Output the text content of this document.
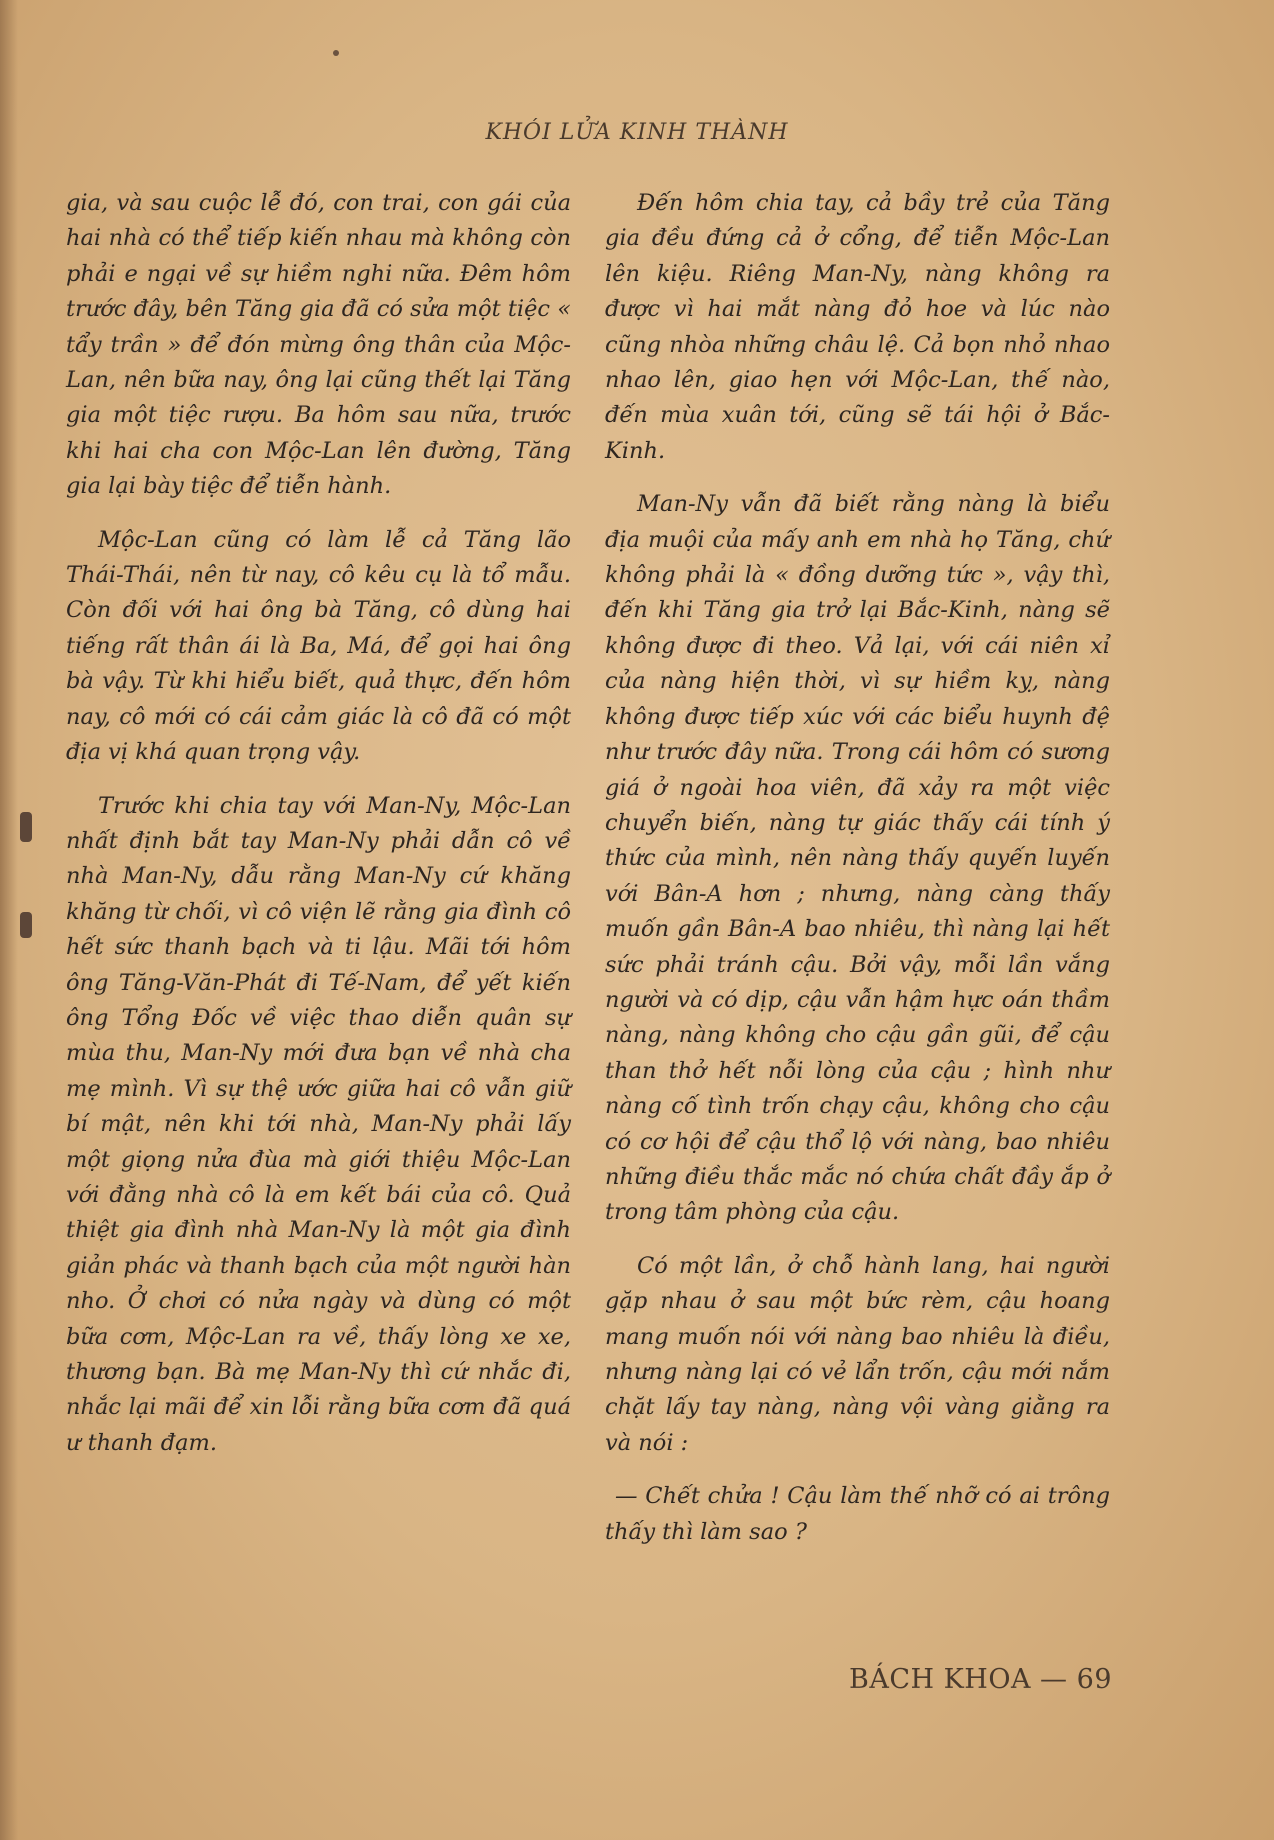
KHÓI LỬA KINH THÀNH

gia, và sau cuộc lễ đó, con trai, con gái của hai nhà có thể tiếp kiến nhau mà không còn phải e ngại về sự hiềm nghi nữa. Đêm hôm trước đây, bên Tăng gia đã có sửa một tiệc « tẩy trần » để đón mừng ông thân của Mộc-Lan, nên bữa nay, ông lại cũng thết lại Tăng gia một tiệc rượu. Ba hôm sau nữa, trước khi hai cha con Mộc-Lan lên đường, Tăng gia lại bày tiệc để tiễn hành.

Mộc-Lan cũng có làm lễ cả Tăng lão Thái-Thái, nên từ nay, cô kêu cụ là tổ mẫu. Còn đối với hai ông bà Tăng, cô dùng hai tiếng rất thân ái là Ba, Má, để gọi hai ông bà vậy. Từ khi hiểu biết, quả thực, đến hôm nay, cô mới có cái cảm giác là cô đã có một địa vị khá quan trọng vậy.

Trước khi chia tay với Man-Ny, Mộc-Lan nhất định bắt tay Man-Ny phải dẫn cô về nhà Man-Ny, dẫu rằng Man-Ny cứ khăng khăng từ chối, vì cô viện lẽ rằng gia đình cô hết sức thanh bạch và ti lậu. Mãi tới hôm ông Tăng-Văn-Phát đi Tế-Nam, để yết kiến ông Tổng Đốc về việc thao diễn quân sự mùa thu, Man-Ny mới đưa bạn về nhà cha mẹ mình. Vì sự thệ ước giữa hai cô vẫn giữ bí mật, nên khi tới nhà, Man-Ny phải lấy một giọng nửa đùa mà giới thiệu Mộc-Lan với đằng nhà cô là em kết bái của cô. Quả thiệt gia đình nhà Man-Ny là một gia đình giản phác và thanh bạch của một người hàn nho. Ở chơi có nửa ngày và dùng có một bữa cơm, Mộc-Lan ra về, thấy lòng xe xe, thương bạn. Bà mẹ Man-Ny thì cứ nhắc đi, nhắc lại mãi để xin lỗi rằng bữa cơm đã quá ư thanh đạm.

Đến hôm chia tay, cả bầy trẻ của Tăng gia đều đứng cả ở cổng, để tiễn Mộc-Lan lên kiệu. Riêng Man-Ny, nàng không ra được vì hai mắt nàng đỏ hoe và lúc nào cũng nhòa những châu lệ. Cả bọn nhỏ nhao nhao lên, giao hẹn với Mộc-Lan, thế nào, đến mùa xuân tới, cũng sẽ tái hội ở Bắc-Kinh.

Man-Ny vẫn đã biết rằng nàng là biểu địa muội của mấy anh em nhà họ Tăng, chứ không phải là « đồng dưỡng tức », vậy thì, đến khi Tăng gia trở lại Bắc-Kinh, nàng sẽ không được đi theo. Vả lại, với cái niên xỉ của nàng hiện thời, vì sự hiềm kỵ, nàng không được tiếp xúc với các biểu huynh đệ như trước đây nữa. Trong cái hôm có sương giá ở ngoài hoa viên, đã xảy ra một việc chuyển biến, nàng tự giác thấy cái tính ý thức của mình, nên nàng thấy quyến luyến với Bân-A hơn ; nhưng, nàng càng thấy muốn gần Bân-A bao nhiêu, thì nàng lại hết sức phải tránh cậu. Bởi vậy, mỗi lần vắng người và có dịp, cậu vẫn hậm hực oán thầm nàng, nàng không cho cậu gần gũi, để cậu than thở hết nỗi lòng của cậu ; hình như nàng cố tình trốn chạy cậu, không cho cậu có cơ hội để cậu thổ lộ với nàng, bao nhiêu những điều thắc mắc nó chứa chất đầy ắp ở trong tâm phòng của cậu.

Có một lần, ở chỗ hành lang, hai người gặp nhau ở sau một bức rèm, cậu hoang mang muốn nói với nàng bao nhiêu là điều, nhưng nàng lại có vẻ lẩn trốn, cậu mới nắm chặt lấy tay nàng, nàng vội vàng giằng ra và nói :

— Chết chửa ! Cậu làm thế nhỡ có ai trông thấy thì làm sao ?

BÁCH KHOA — 69
